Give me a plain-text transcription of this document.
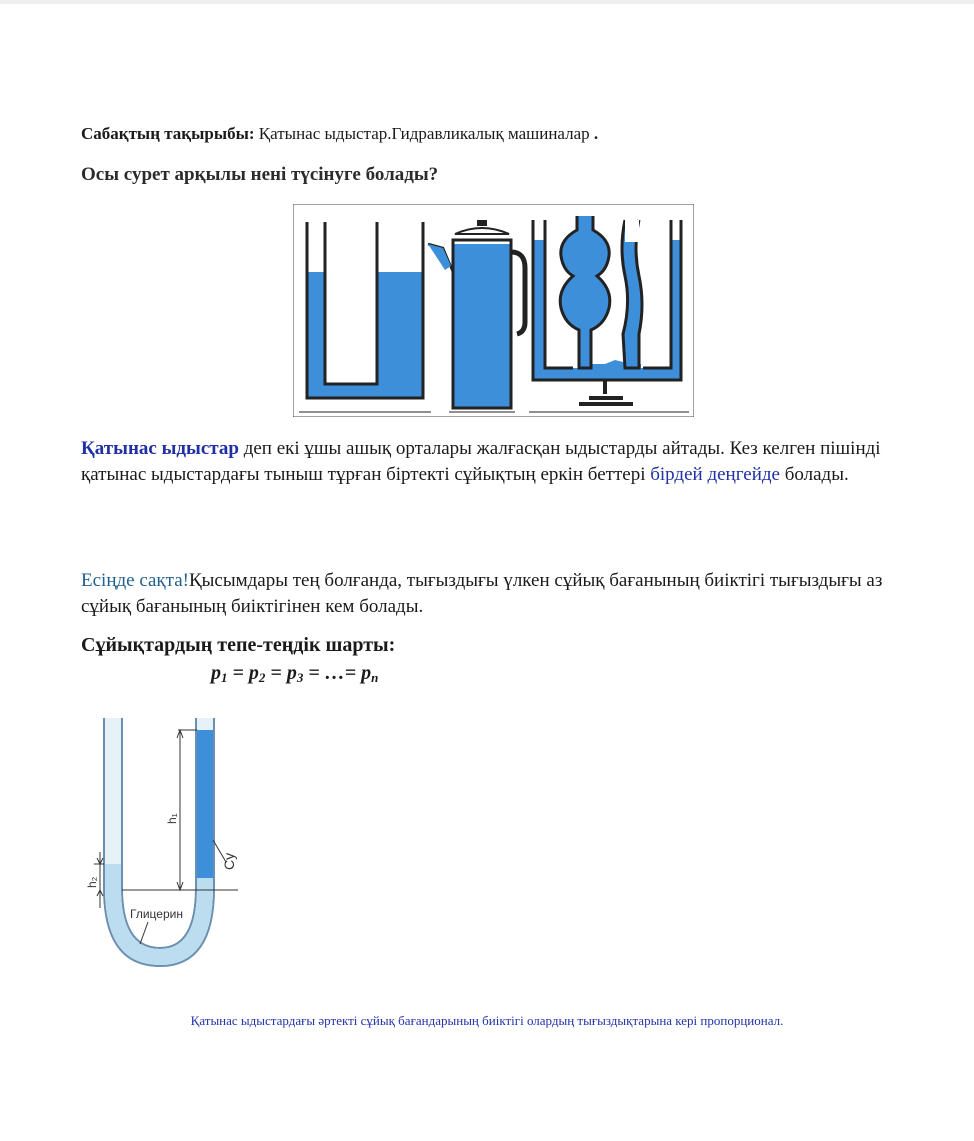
Сабақтың тақырыбы: Қатынас ыдыстар.Гидравликалық машиналар .
Осы сурет арқылы нені түсінуге болады?
Қатынас ыдыстар деп екі ұшы ашық орталары жалғасқан ыдыстарды айтады. Кез келген пішінді қатынас ыдыстардағы тыныш тұрған біртекті сұйықтың еркін беттері бірдей деңгейде болады.
Есіңде сақта!Қысымдары тең болғанда, тығыздығы үлкен сұйық бағанының биіктігі тығыздығы аз сұйық бағанының биіктігінен кем болады.
Сұйықтардың тепе-теңдік шарты:
$p_1 = p_2 = p_3$ = …= $p_n$
h₁
h₂
Су
Глицерин
Қатынас ыдыстардағы әртекті сұйық бағандарының биіктігі олардың тығыздықтарына кері пропорционал.
